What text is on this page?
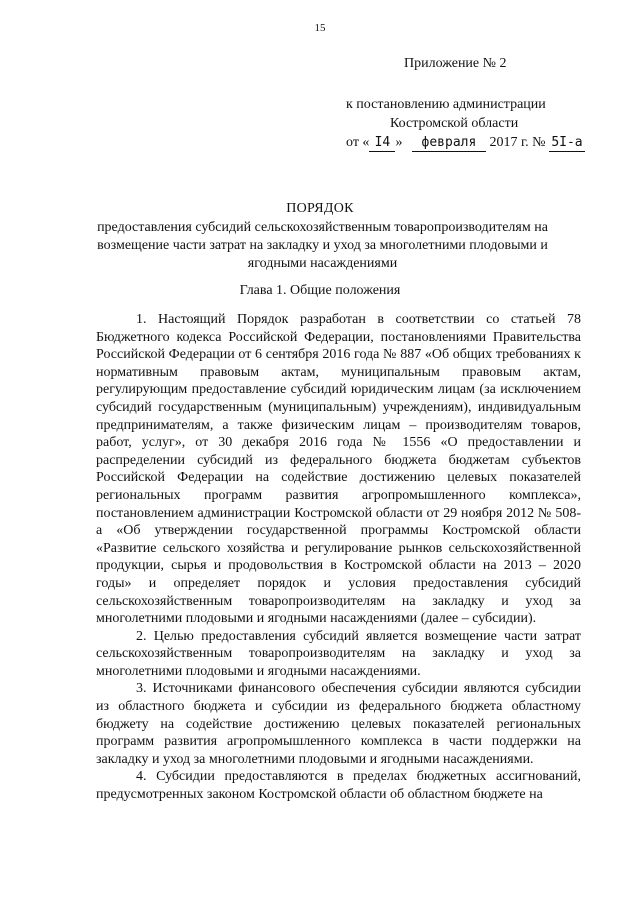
15
Приложение № 2
к постановлению администрации
Костромской области
от « I4 » февраля 2017 г. № 5I-а
ПОРЯДОК
предоставления субсидий сельскохозяйственным товаропроизводителям на возмещение части затрат на закладку и уход за многолетними плодовыми и ягодными насаждениями
Глава 1. Общие положения

1. Настоящий Порядок разработан в соответствии со статьей 78 Бюджетного кодекса Российской Федерации, постановлениями Правительства Российской Федерации от 6 сентября 2016 года № 887 «Об общих требованиях к нормативным правовым актам, муниципальным правовым актам, регулирующим предоставление субсидий юридическим лицам (за исключением субсидий государственным (муниципальным) учреждениям), индивидуальным предпринимателям, а также физическим лицам – производителям товаров, работ, услуг», от 30 декабря 2016 года № 1556 «О предоставлении и распределении субсидий из федерального бюджета бюджетам субъектов Российской Федерации на содействие достижению целевых показателей региональных программ развития агропромышленного комплекса», постановлением администрации Костромской области от 29 ноября 2012 № 508-а «Об утверждении государственной программы Костромской области «Развитие сельского хозяйства и регулирование рынков сельскохозяйственной продукции, сырья и продовольствия в Костромской области на 2013 – 2020 годы» и определяет порядок и условия предоставления субсидий сельскохозяйственным товаропроизводителям на закладку и уход за многолетними плодовыми и ягодными насаждениями (далее – субсидии).

2. Целью предоставления субсидий является возмещение части затрат сельскохозяйственным товаропроизводителям на закладку и уход за многолетними плодовыми и ягодными насаждениями.

3. Источниками финансового обеспечения субсидии являются субсидии из областного бюджета и субсидии из федерального бюджета областному бюджету на содействие достижению целевых показателей региональных программ развития агропромышленного комплекса в части поддержки на закладку и уход за многолетними плодовыми и ягодными насаждениями.

4. Субсидии предоставляются в пределах бюджетных ассигнований, предусмотренных законом Костромской области об областном бюджете на
